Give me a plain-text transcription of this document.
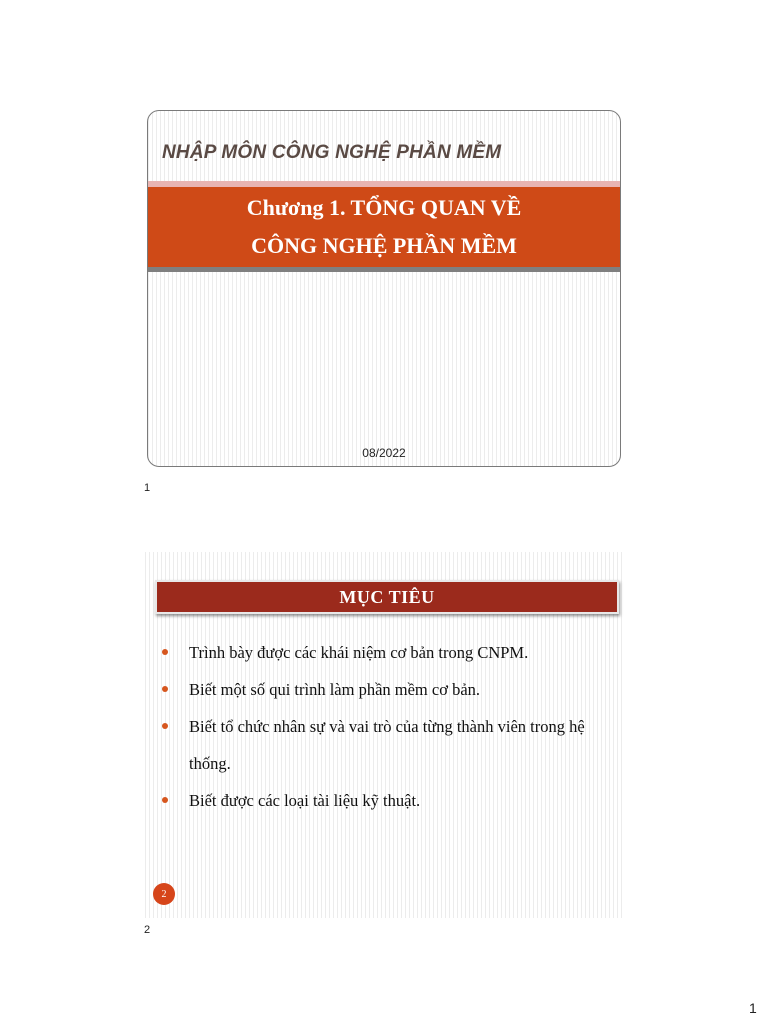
NHẬP MÔN CÔNG NGHỆ PHẦN MỀM

Chương 1. TỔNG QUAN VỀ
CÔNG NGHỆ PHẦN MỀM
08/2022
1
MỤC TIÊU
Trình bày được các khái niệm cơ bản trong CNPM.
Biết một số qui trình làm phần mềm cơ bản.
Biết tổ chức nhân sự và vai trò của từng thành viên trong hệ thống.
Biết được các loại tài liệu kỹ thuật.
2
2
1
